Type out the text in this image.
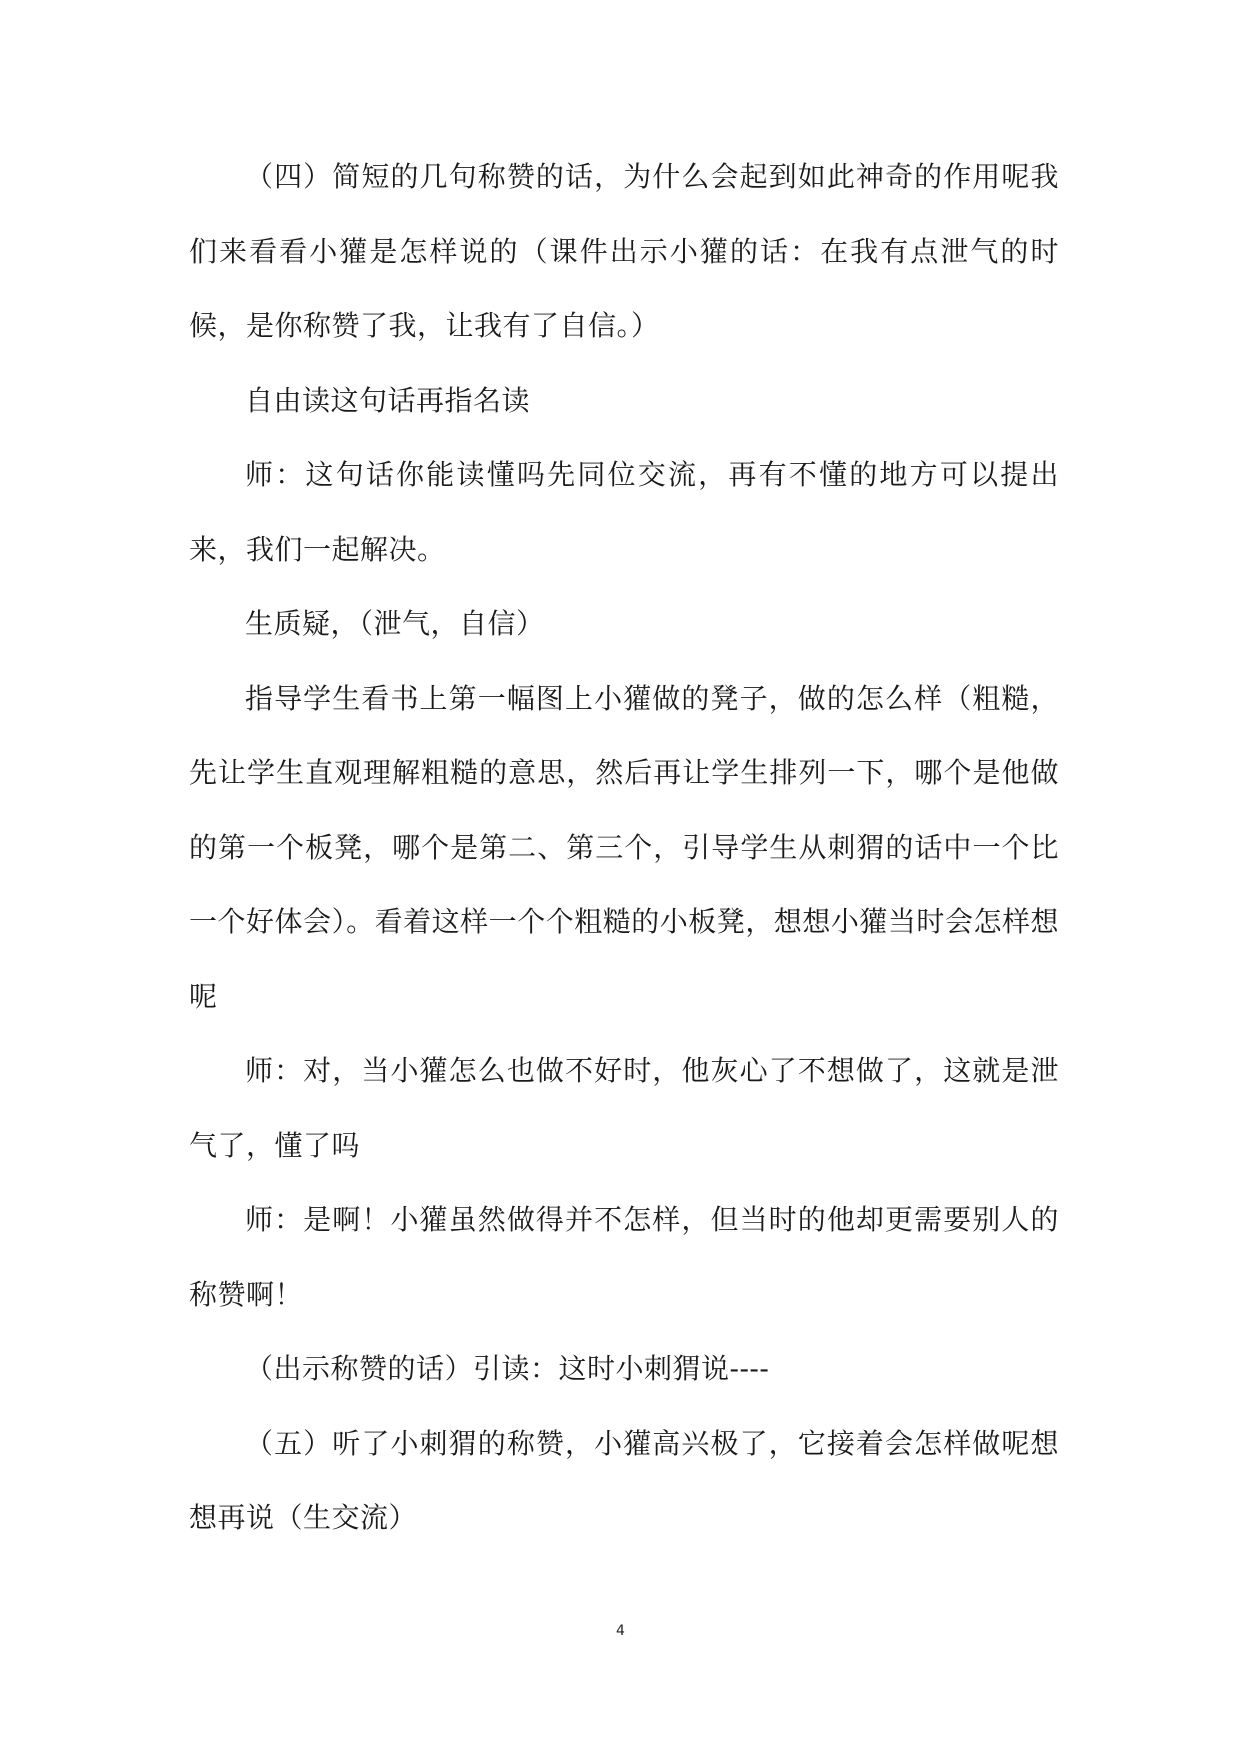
（四）简短的几句称赞的话，为什么会起到如此神奇的作用呢我们来看看小獾是怎样说的（课件出示小獾的话：在我有点泄气的时候，是你称赞了我，让我有了自信。）

自由读这句话再指名读

师：这句话你能读懂吗先同位交流，再有不懂的地方可以提出来，我们一起解决。

生质疑，（泄气，自信）

指导学生看书上第一幅图上小獾做的凳子，做的怎么样（粗糙，先让学生直观理解粗糙的意思，然后再让学生排列一下，哪个是他做的第一个板凳，哪个是第二、第三个，引导学生从刺猬的话中一个比一个好体会）。看着这样一个个粗糙的小板凳，想想小獾当时会怎样想呢

师：对，当小獾怎么也做不好时，他灰心了不想做了，这就是泄气了，懂了吗

师：是啊！小獾虽然做得并不怎样，但当时的他却更需要别人的称赞啊！

（出示称赞的话）引读：这时小刺猬说----

（五）听了小刺猬的称赞，小獾高兴极了，它接着会怎样做呢想想再说（生交流）

4
